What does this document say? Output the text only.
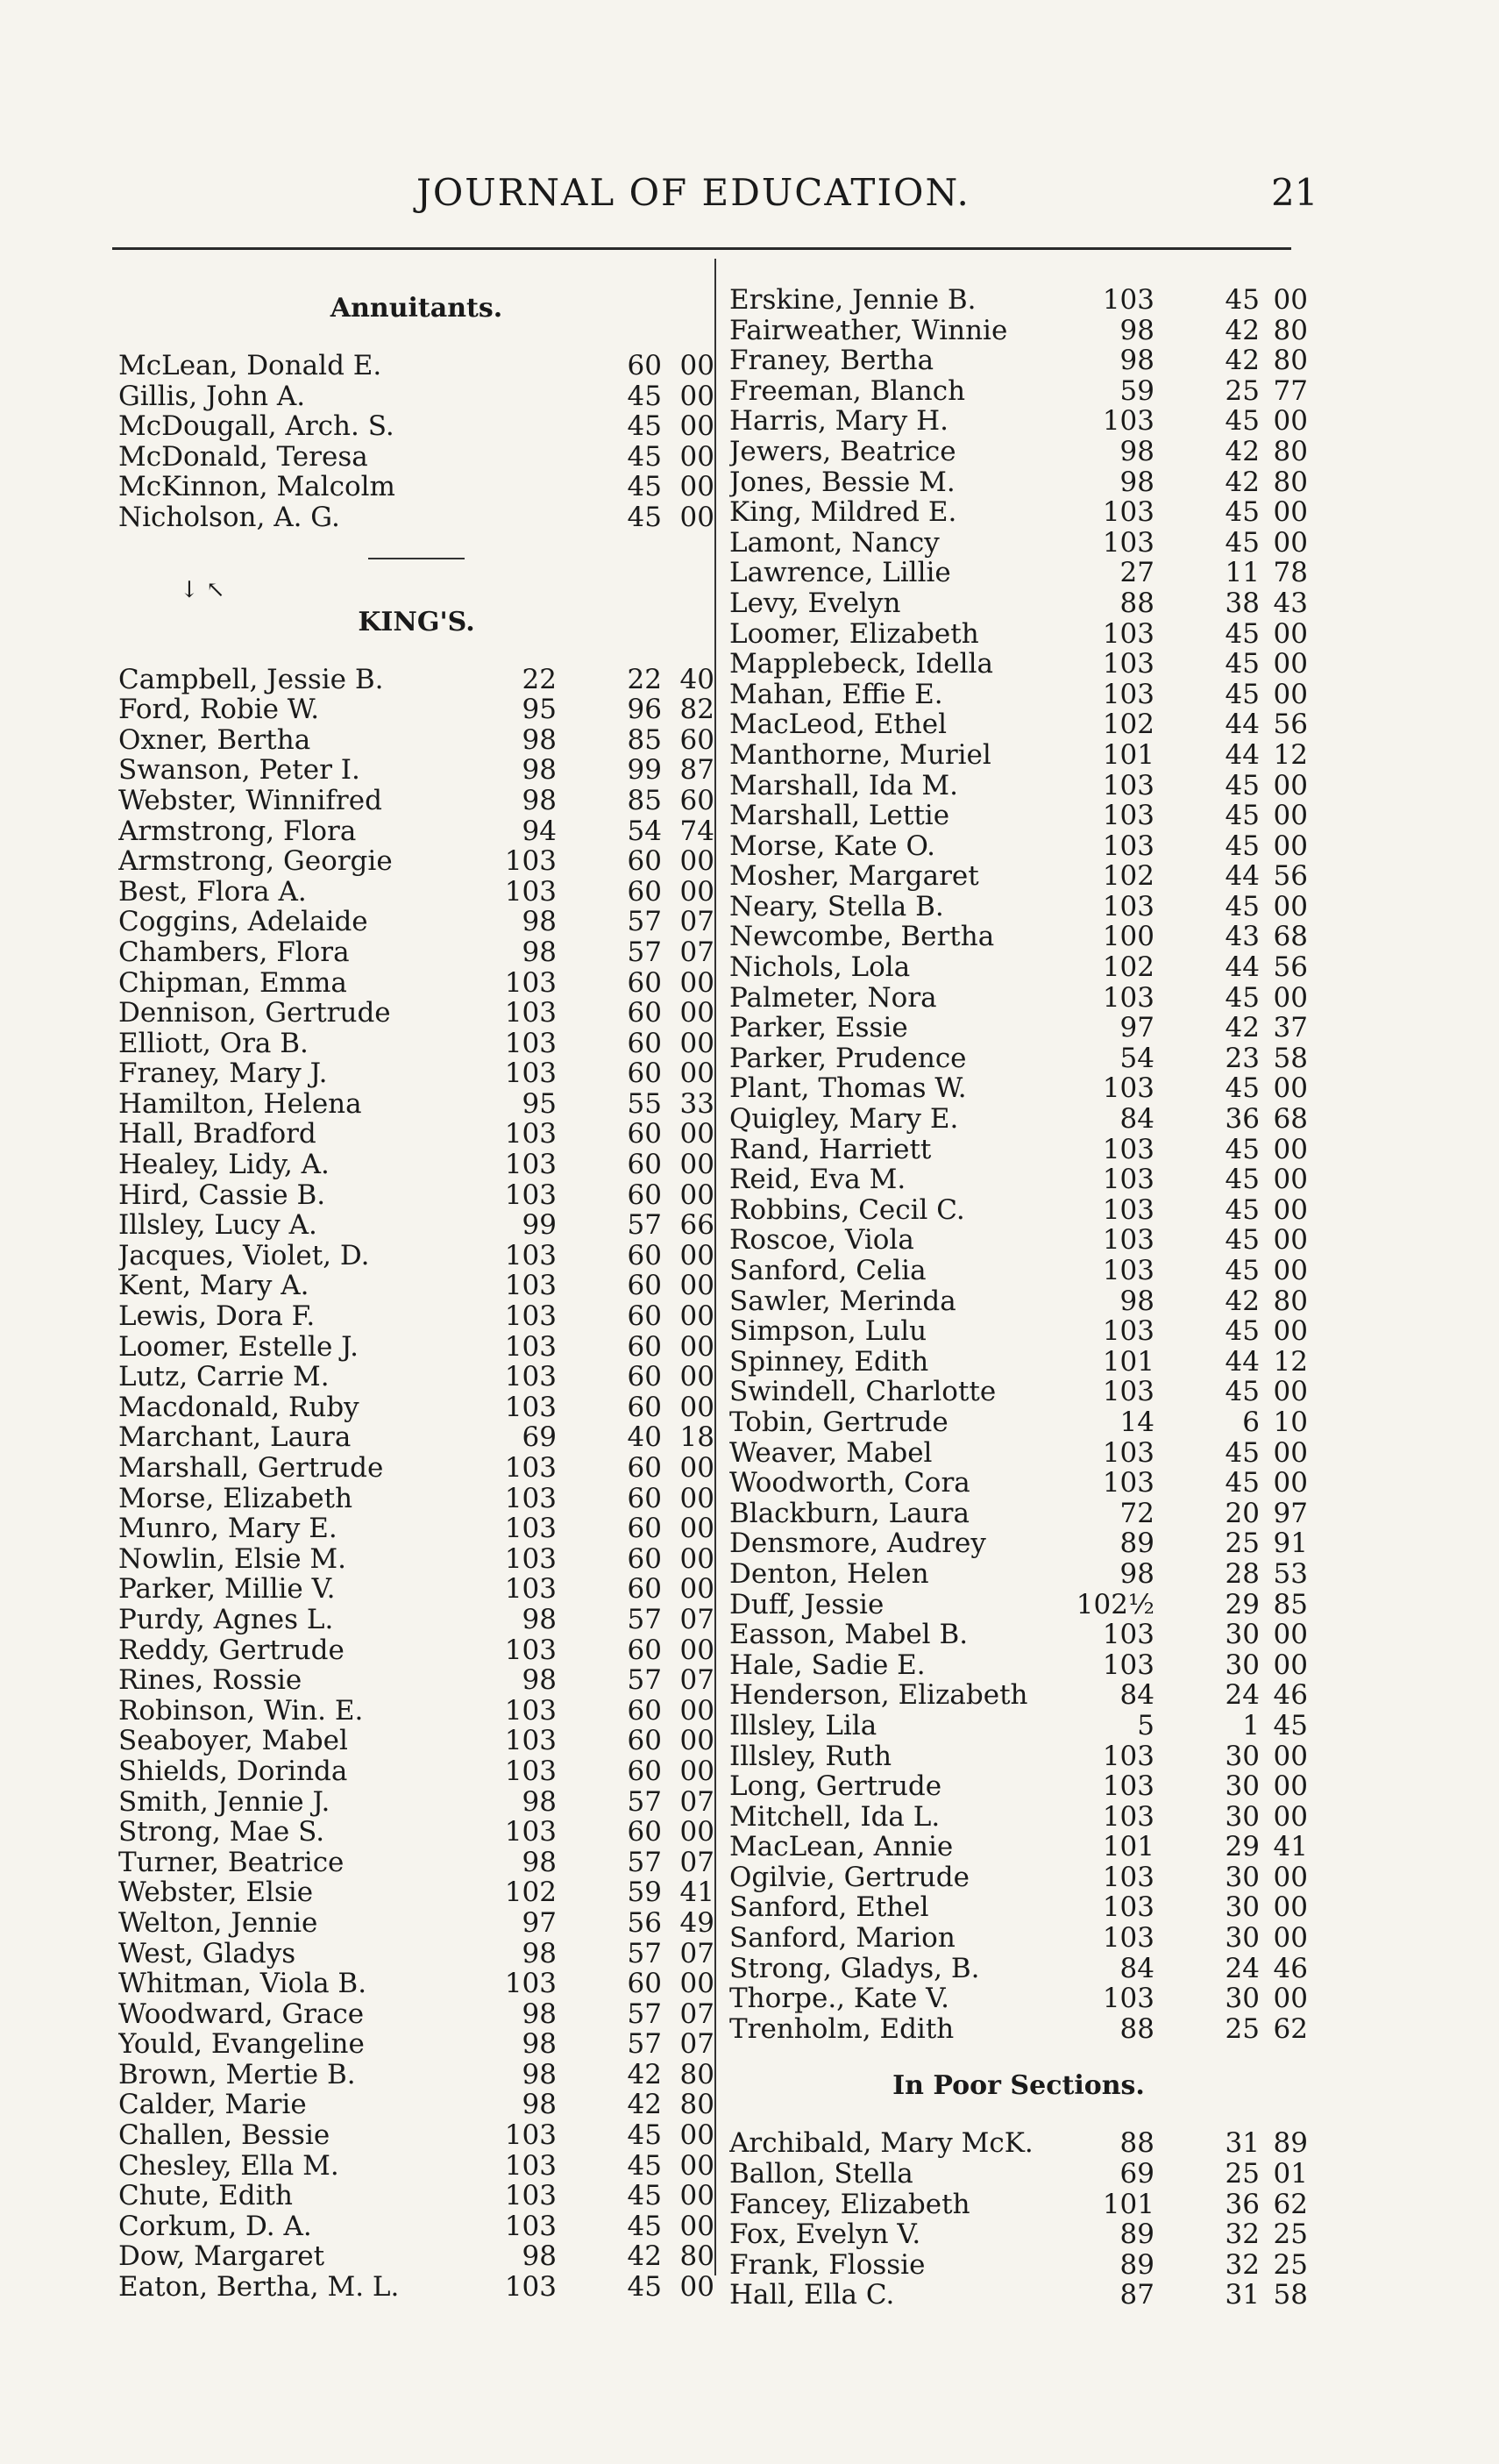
JOURNAL OF EDUCATION.	21
Annuitants.
McLean, Donald E.	60 00
Gillis, John A.	45 00
McDougall, Arch. S.	45 00
McDonald, Teresa	45 00
McKinnon, Malcolm	45 00
Nicholson, A. G.	45 00
↓ ↖
KING'S.
Campbell, Jessie B.	22	22 40
Ford, Robie W.	95	96 82
Oxner, Bertha	98	85 60
Swanson, Peter I.	98	99 87
Webster, Winnifred	98	85 60
Armstrong, Flora	94	54 74
Armstrong, Georgie	103	60 00
Best, Flora A.	103	60 00
Coggins, Adelaide	98	57 07
Chambers, Flora	98	57 07
Chipman, Emma	103	60 00
Dennison, Gertrude	103	60 00
Elliott, Ora B.	103	60 00
Franey, Mary J.	103	60 00
Hamilton, Helena	95	55 33
Hall, Bradford	103	60 00
Healey, Lidy, A.	103	60 00
Hird, Cassie B.	103	60 00
Illsley, Lucy A.	99	57 66
Jacques, Violet, D.	103	60 00
Kent, Mary A.	103	60 00
Lewis, Dora F.	103	60 00
Loomer, Estelle J.	103	60 00
Lutz, Carrie M.	103	60 00
Macdonald, Ruby	103	60 00
Marchant, Laura	69	40 18
Marshall, Gertrude	103	60 00
Morse, Elizabeth	103	60 00
Munro, Mary E.	103	60 00
Nowlin, Elsie M.	103	60 00
Parker, Millie V.	103	60 00
Purdy, Agnes L.	98	57 07
Reddy, Gertrude	103	60 00
Rines, Rossie	98	57 07
Robinson, Win. E.	103	60 00
Seaboyer, Mabel	103	60 00
Shields, Dorinda	103	60 00
Smith, Jennie J.	98	57 07
Strong, Mae S.	103	60 00
Turner, Beatrice	98	57 07
Webster, Elsie	102	59 41
Welton, Jennie	97	56 49
West, Gladys	98	57 07
Whitman, Viola B.	103	60 00
Woodward, Grace	98	57 07
Yould, Evangeline	98	57 07
Brown, Mertie B.	98	42 80
Calder, Marie	98	42 80
Challen, Bessie	103	45 00
Chesley, Ella M.	103	45 00
Chute, Edith	103	45 00
Corkum, D. A.	103	45 00
Dow, Margaret	98	42 80
Eaton, Bertha, M. L.	103	45 00
Erskine, Jennie B.	103	45 00
Fairweather, Winnie	98	42 80
Franey, Bertha	98	42 80
Freeman, Blanch	59	25 77
Harris, Mary H.	103	45 00
Jewers, Beatrice	98	42 80
Jones, Bessie M.	98	42 80
King, Mildred E.	103	45 00
Lamont, Nancy	103	45 00
Lawrence, Lillie	27	11 78
Levy, Evelyn	88	38 43
Loomer, Elizabeth	103	45 00
Mapplebeck, Idella	103	45 00
Mahan, Effie E.	103	45 00
MacLeod, Ethel	102	44 56
Manthorne, Muriel	101	44 12
Marshall, Ida M.	103	45 00
Marshall, Lettie	103	45 00
Morse, Kate O.	103	45 00
Mosher, Margaret	102	44 56
Neary, Stella B.	103	45 00
Newcombe, Bertha	100	43 68
Nichols, Lola	102	44 56
Palmeter, Nora	103	45 00
Parker, Essie	97	42 37
Parker, Prudence	54	23 58
Plant, Thomas W.	103	45 00
Quigley, Mary E.	84	36 68
Rand, Harriett	103	45 00
Reid, Eva M.	103	45 00
Robbins, Cecil C.	103	45 00
Roscoe, Viola	103	45 00
Sanford, Celia	103	45 00
Sawler, Merinda	98	42 80
Simpson, Lulu	103	45 00
Spinney, Edith	101	44 12
Swindell, Charlotte	103	45 00
Tobin, Gertrude	14	6 10
Weaver, Mabel	103	45 00
Woodworth, Cora	103	45 00
Blackburn, Laura	72	20 97
Densmore, Audrey	89	25 91
Denton, Helen	98	28 53
Duff, Jessie	102½	29 85
Easson, Mabel B.	103	30 00
Hale, Sadie E.	103	30 00
Henderson, Elizabeth	84	24 46
Illsley, Lila	5	1 45
Illsley, Ruth	103	30 00
Long, Gertrude	103	30 00
Mitchell, Ida L.	103	30 00
MacLean, Annie	101	29 41
Ogilvie, Gertrude	103	30 00
Sanford, Ethel	103	30 00
Sanford, Marion	103	30 00
Strong, Gladys, B.	84	24 46
Thorpe., Kate V.	103	30 00
Trenholm, Edith	88	25 62
In Poor Sections.
Archibald, Mary McK.	88	31 89
Ballon, Stella	69	25 01
Fancey, Elizabeth	101	36 62
Fox, Evelyn V.	89	32 25
Frank, Flossie	89	32 25
Hall, Ella C.	87	31 58
